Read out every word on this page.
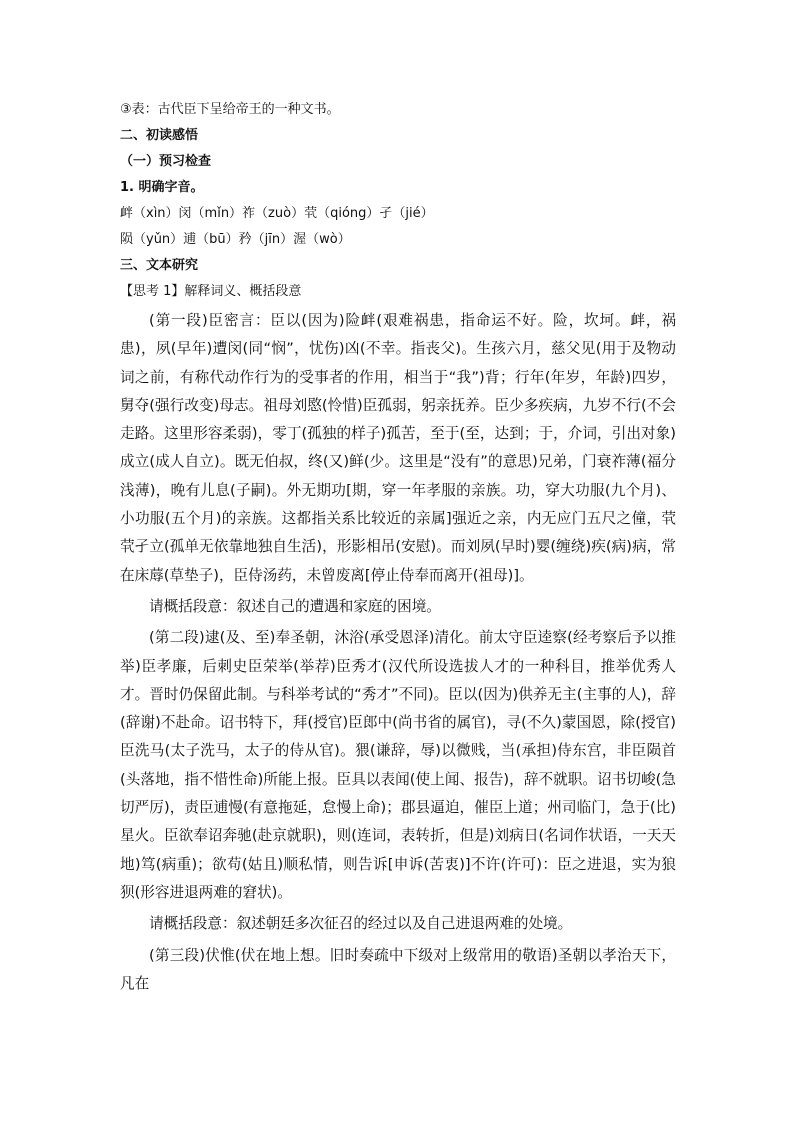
③表：古代臣下呈给帝王的一种文书。
二、初读感悟
（一）预习检查
1. 明确字音。
衅（xìn）闵（mǐn）祚（zuò）茕（qióng）孑（jié）
陨（yǔn）逋（bū）矜（jīn）渥（wò）
三、文本研究
【思考 1】解释词义、概括段意

(第一段)臣密言：臣以(因为)险衅(艰难祸患，指命运不好。险，坎坷。衅，祸患)，夙(早年)遭闵(同“悯”，忧伤)凶(不幸。指丧父)。生孩六月，慈父见(用于及物动词之前，有称代动作行为的受事者的作用，相当于“我”)背；行年(年岁，年龄)四岁，舅夺(强行改变)母志。祖母刘愍(怜惜)臣孤弱，躬亲抚养。臣少多疾病，九岁不行(不会走路。这里形容柔弱)，零丁(孤独的样子)孤苦，至于(至，达到；于，介词，引出对象)成立(成人自立)。既无伯叔，终(又)鲜(少。这里是“没有”的意思)兄弟，门衰祚薄(福分浅薄)，晚有儿息(子嗣)。外无期功[期，穿一年孝服的亲族。功，穿大功服(九个月)、小功服(五个月)的亲族。这都指关系比较近的亲属]强近之亲，内无应门五尺之僮，茕茕孑立(孤单无依靠地独自生活)，形影相吊(安慰)。而刘夙(早时)婴(缠绕)疾(病)病，常在床蓐(草垫子)，臣侍汤药，未曾废离[停止侍奉而离开(祖母)]。

请概括段意：叙述自己的遭遇和家庭的困境。

(第二段)逮(及、至)奉圣朝，沐浴(承受恩泽)清化。前太守臣逵察(经考察后予以推举)臣孝廉，后刺史臣荣举(举荐)臣秀才(汉代所设选拔人才的一种科目，推举优秀人才。晋时仍保留此制。与科举考试的“秀才”不同)。臣以(因为)供养无主(主事的人)，辞(辞谢)不赴命。诏书特下，拜(授官)臣郎中(尚书省的属官)，寻(不久)蒙国恩，除(授官)臣洗马(太子洗马，太子的侍从官)。猥(谦辞，辱)以微贱，当(承担)侍东宫，非臣陨首(头落地，指不惜性命)所能上报。臣具以表闻(使上闻、报告)，辞不就职。诏书切峻(急切严厉)，责臣逋慢(有意拖延，怠慢上命)；郡县逼迫，催臣上道；州司临门，急于(比)星火。臣欲奉诏奔驰(赴京就职)，则(连词，表转折，但是)刘病日(名词作状语，一天天地)笃(病重)；欲苟(姑且)顺私情，则告诉[申诉(苦衷)]不许(许可)：臣之进退，实为狼狈(形容进退两难的窘状)。

请概括段意：叙述朝廷多次征召的经过以及自己进退两难的处境。

(第三段)伏惟(伏在地上想。旧时奏疏中下级对上级常用的敬语)圣朝以孝治天下，凡在
